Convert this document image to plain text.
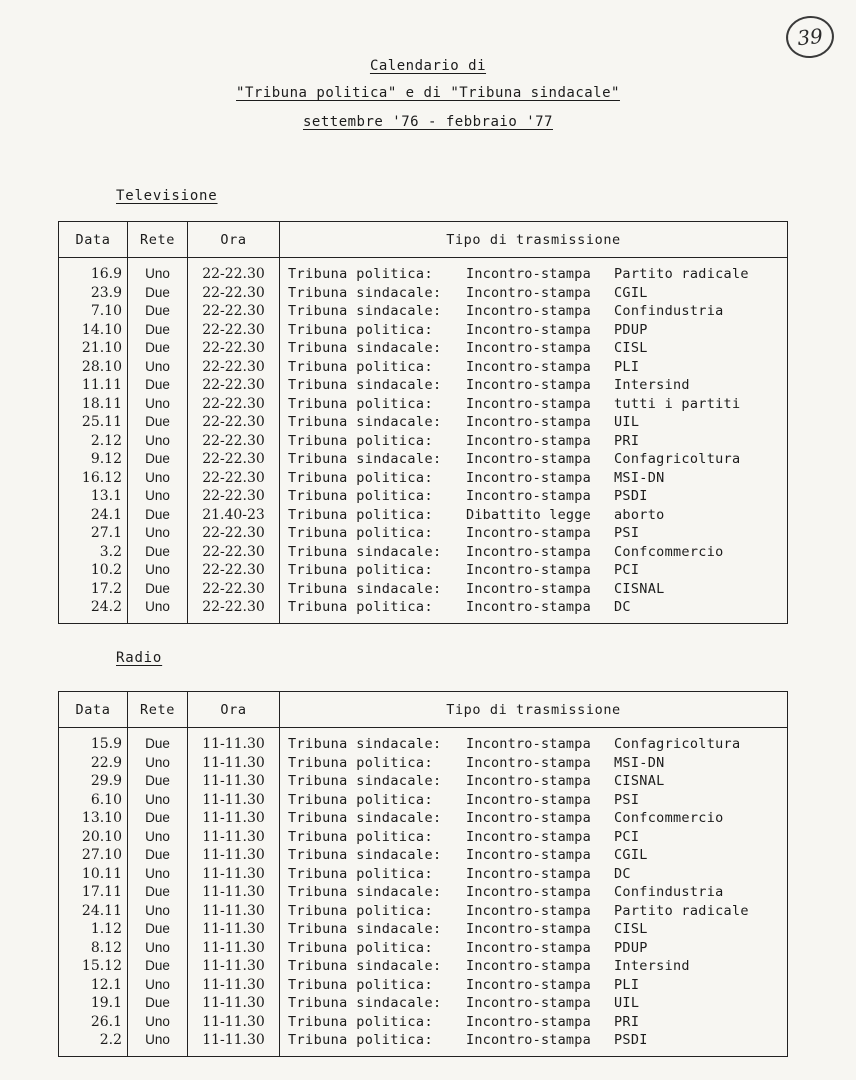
39
Calendario di
"Tribuna politica" e di "Tribuna sindacale"
settembre '76 - febbraio '77
Televisione
Data	Rete	Ora	Tipo di trasmissione
16.9	Uno	22-22.30	Tribuna politica: Incontro-stampa Partito radicale
23.9	Due	22-22.30	Tribuna sindacale: Incontro-stampa CGIL
7.10	Due	22-22.30	Tribuna sindacale: Incontro-stampa Confindustria
14.10	Due	22-22.30	Tribuna politica: Incontro-stampa PDUP
21.10	Due	22-22.30	Tribuna sindacale: Incontro-stampa CISL
28.10	Uno	22-22.30	Tribuna politica: Incontro-stampa PLI
11.11	Due	22-22.30	Tribuna sindacale: Incontro-stampa Intersind
18.11	Uno	22-22.30	Tribuna politica: Incontro-stampa tutti i partiti
25.11	Due	22-22.30	Tribuna sindacale: Incontro-stampa UIL
2.12	Uno	22-22.30	Tribuna politica: Incontro-stampa PRI
9.12	Due	22-22.30	Tribuna sindacale: Incontro-stampa Confagricoltura
16.12	Uno	22-22.30	Tribuna politica: Incontro-stampa MSI-DN
13.1	Uno	22-22.30	Tribuna politica: Incontro-stampa PSDI
24.1	Due	21.40-23	Tribuna politica: Dibattito legge aborto
27.1	Uno	22-22.30	Tribuna politica: Incontro-stampa PSI
3.2	Due	22-22.30	Tribuna sindacale: Incontro-stampa Confcommercio
10.2	Uno	22-22.30	Tribuna politica: Incontro-stampa PCI
17.2	Due	22-22.30	Tribuna sindacale: Incontro-stampa CISNAL
24.2	Uno	22-22.30	Tribuna politica: Incontro-stampa DC
Radio
Data	Rete	Ora	Tipo di trasmissione
15.9	Due	11-11.30	Tribuna sindacale: Incontro-stampa Confagricoltura
22.9	Uno	11-11.30	Tribuna politica: Incontro-stampa MSI-DN
29.9	Due	11-11.30	Tribuna sindacale: Incontro-stampa CISNAL
6.10	Uno	11-11.30	Tribuna politica: Incontro-stampa PSI
13.10	Due	11-11.30	Tribuna sindacale: Incontro-stampa Confcommercio
20.10	Uno	11-11.30	Tribuna politica: Incontro-stampa PCI
27.10	Due	11-11.30	Tribuna sindacale: Incontro-stampa CGIL
10.11	Uno	11-11.30	Tribuna politica: Incontro-stampa DC
17.11	Due	11-11.30	Tribuna sindacale: Incontro-stampa Confindustria
24.11	Uno	11-11.30	Tribuna politica: Incontro-stampa Partito radicale
1.12	Due	11-11.30	Tribuna sindacale: Incontro-stampa CISL
8.12	Uno	11-11.30	Tribuna politica: Incontro-stampa PDUP
15.12	Due	11-11.30	Tribuna sindacale: Incontro-stampa Intersind
12.1	Uno	11-11.30	Tribuna politica: Incontro-stampa PLI
19.1	Due	11-11.30	Tribuna sindacale: Incontro-stampa UIL
26.1	Uno	11-11.30	Tribuna politica: Incontro-stampa PRI
2.2	Uno	11-11.30	Tribuna politica: Incontro-stampa PSDI
